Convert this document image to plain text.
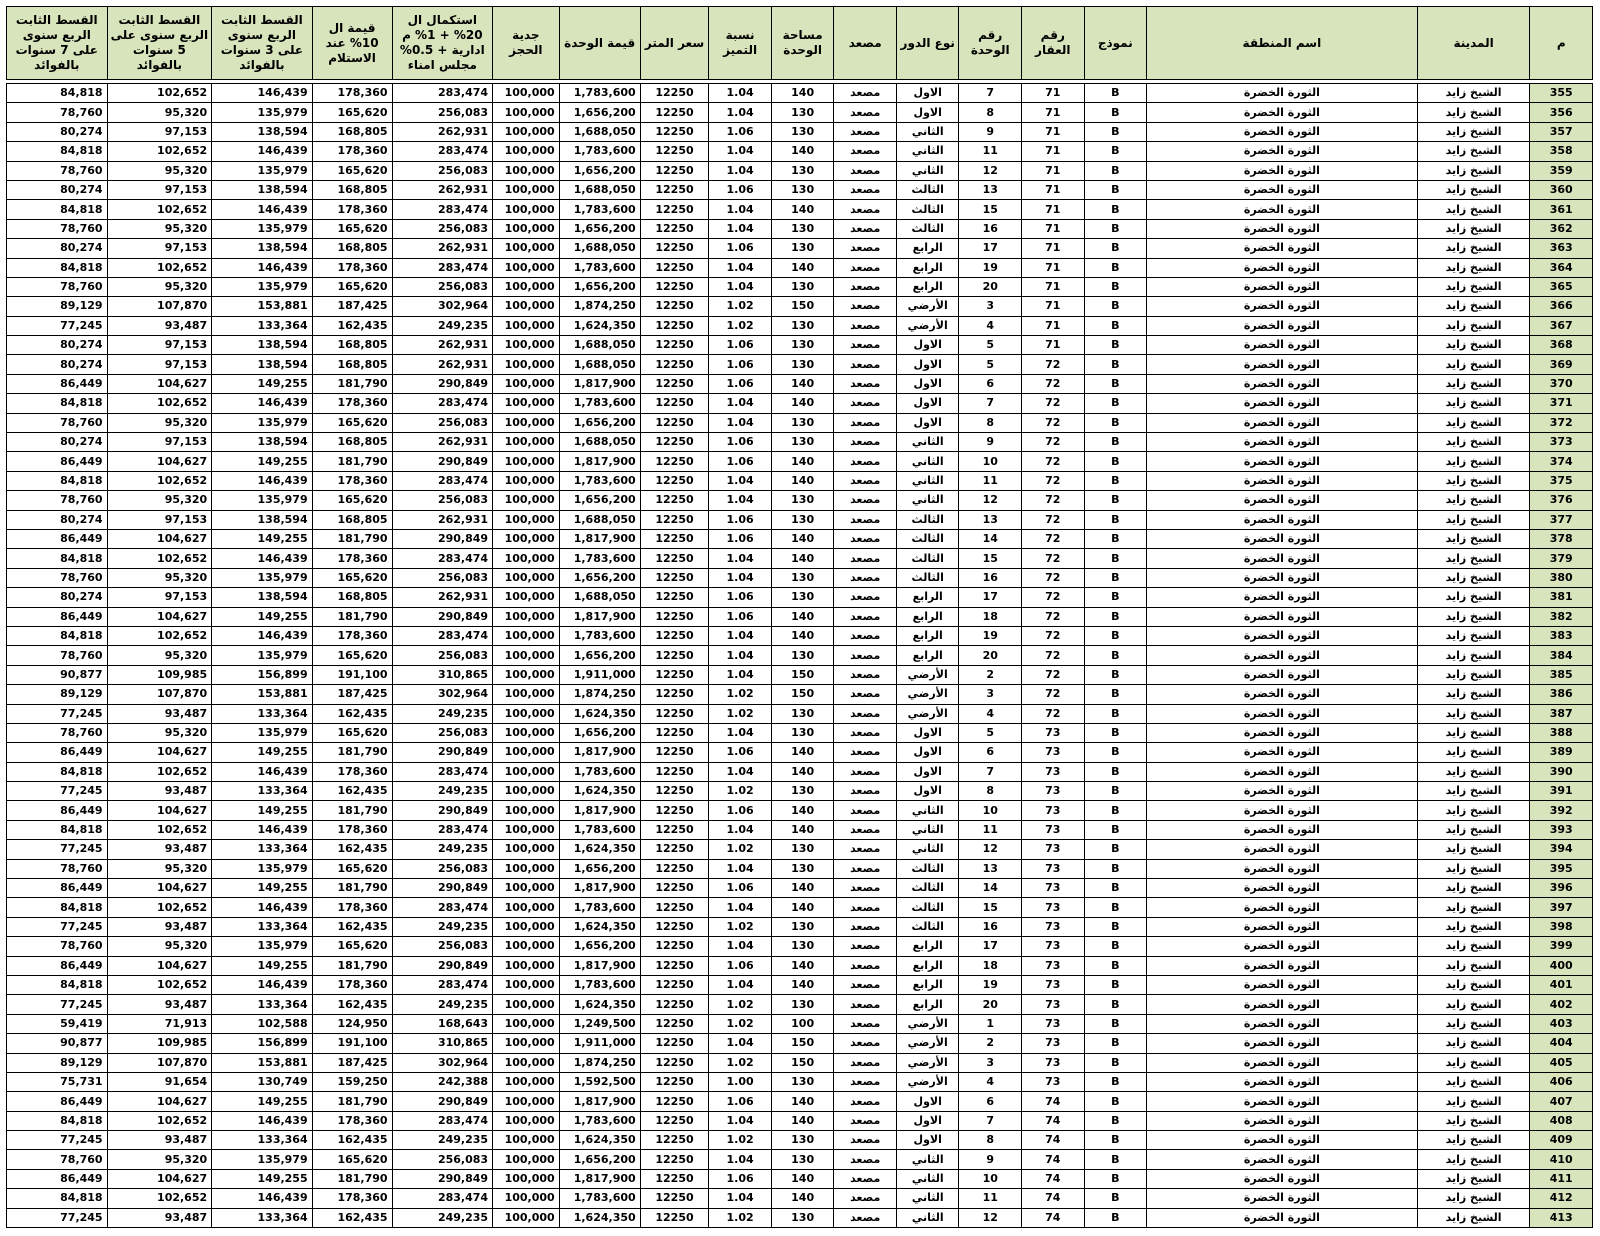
م	المدينة	اسم المنطقة	نموذج	رقم العقار	رقم الوحدة	نوع الدور	مصعد	مساحة الوحدة	نسبة التميز	سعر المتر	قيمة الوحدة	جدية الحجز	استكمال ال 20% + 1% م ادارية + 0.5% مجلس امناء	قيمة ال 10% عند الاستلام	القسط الثابت الربع سنوى على 3 سنوات بالفوائد	القسط الثابت الربع سنوى على 5 سنوات بالفوائد	القسط الثابت الربع سنوى على 7 سنوات بالفوائد

355	الشيخ زايد	الثورة الخضرة	B	71	7	الاول	مصعد	140	1.04	12250	1,783,600	100,000	283,474	178,360	146,439	102,652	84,818
356	الشيخ زايد	الثورة الخضرة	B	71	8	الاول	مصعد	130	1.04	12250	1,656,200	100,000	256,083	165,620	135,979	95,320	78,760
357	الشيخ زايد	الثورة الخضرة	B	71	9	الثاني	مصعد	130	1.06	12250	1,688,050	100,000	262,931	168,805	138,594	97,153	80,274
358	الشيخ زايد	الثورة الخضرة	B	71	11	الثاني	مصعد	140	1.04	12250	1,783,600	100,000	283,474	178,360	146,439	102,652	84,818
359	الشيخ زايد	الثورة الخضرة	B	71	12	الثاني	مصعد	130	1.04	12250	1,656,200	100,000	256,083	165,620	135,979	95,320	78,760
360	الشيخ زايد	الثورة الخضرة	B	71	13	الثالث	مصعد	130	1.06	12250	1,688,050	100,000	262,931	168,805	138,594	97,153	80,274
361	الشيخ زايد	الثورة الخضرة	B	71	15	الثالث	مصعد	140	1.04	12250	1,783,600	100,000	283,474	178,360	146,439	102,652	84,818
362	الشيخ زايد	الثورة الخضرة	B	71	16	الثالث	مصعد	130	1.04	12250	1,656,200	100,000	256,083	165,620	135,979	95,320	78,760
363	الشيخ زايد	الثورة الخضرة	B	71	17	الرابع	مصعد	130	1.06	12250	1,688,050	100,000	262,931	168,805	138,594	97,153	80,274
364	الشيخ زايد	الثورة الخضرة	B	71	19	الرابع	مصعد	140	1.04	12250	1,783,600	100,000	283,474	178,360	146,439	102,652	84,818
365	الشيخ زايد	الثورة الخضرة	B	71	20	الرابع	مصعد	130	1.04	12250	1,656,200	100,000	256,083	165,620	135,979	95,320	78,760
366	الشيخ زايد	الثورة الخضرة	B	71	3	الأرضي	مصعد	150	1.02	12250	1,874,250	100,000	302,964	187,425	153,881	107,870	89,129
367	الشيخ زايد	الثورة الخضرة	B	71	4	الأرضي	مصعد	130	1.02	12250	1,624,350	100,000	249,235	162,435	133,364	93,487	77,245
368	الشيخ زايد	الثورة الخضرة	B	71	5	الاول	مصعد	130	1.06	12250	1,688,050	100,000	262,931	168,805	138,594	97,153	80,274
369	الشيخ زايد	الثورة الخضرة	B	72	5	الاول	مصعد	130	1.06	12250	1,688,050	100,000	262,931	168,805	138,594	97,153	80,274
370	الشيخ زايد	الثورة الخضرة	B	72	6	الاول	مصعد	140	1.06	12250	1,817,900	100,000	290,849	181,790	149,255	104,627	86,449
371	الشيخ زايد	الثورة الخضرة	B	72	7	الاول	مصعد	140	1.04	12250	1,783,600	100,000	283,474	178,360	146,439	102,652	84,818
372	الشيخ زايد	الثورة الخضرة	B	72	8	الاول	مصعد	130	1.04	12250	1,656,200	100,000	256,083	165,620	135,979	95,320	78,760
373	الشيخ زايد	الثورة الخضرة	B	72	9	الثاني	مصعد	130	1.06	12250	1,688,050	100,000	262,931	168,805	138,594	97,153	80,274
374	الشيخ زايد	الثورة الخضرة	B	72	10	الثاني	مصعد	140	1.06	12250	1,817,900	100,000	290,849	181,790	149,255	104,627	86,449
375	الشيخ زايد	الثورة الخضرة	B	72	11	الثاني	مصعد	140	1.04	12250	1,783,600	100,000	283,474	178,360	146,439	102,652	84,818
376	الشيخ زايد	الثورة الخضرة	B	72	12	الثاني	مصعد	130	1.04	12250	1,656,200	100,000	256,083	165,620	135,979	95,320	78,760
377	الشيخ زايد	الثورة الخضرة	B	72	13	الثالث	مصعد	130	1.06	12250	1,688,050	100,000	262,931	168,805	138,594	97,153	80,274
378	الشيخ زايد	الثورة الخضرة	B	72	14	الثالث	مصعد	140	1.06	12250	1,817,900	100,000	290,849	181,790	149,255	104,627	86,449
379	الشيخ زايد	الثورة الخضرة	B	72	15	الثالث	مصعد	140	1.04	12250	1,783,600	100,000	283,474	178,360	146,439	102,652	84,818
380	الشيخ زايد	الثورة الخضرة	B	72	16	الثالث	مصعد	130	1.04	12250	1,656,200	100,000	256,083	165,620	135,979	95,320	78,760
381	الشيخ زايد	الثورة الخضرة	B	72	17	الرابع	مصعد	130	1.06	12250	1,688,050	100,000	262,931	168,805	138,594	97,153	80,274
382	الشيخ زايد	الثورة الخضرة	B	72	18	الرابع	مصعد	140	1.06	12250	1,817,900	100,000	290,849	181,790	149,255	104,627	86,449
383	الشيخ زايد	الثورة الخضرة	B	72	19	الرابع	مصعد	140	1.04	12250	1,783,600	100,000	283,474	178,360	146,439	102,652	84,818
384	الشيخ زايد	الثورة الخضرة	B	72	20	الرابع	مصعد	130	1.04	12250	1,656,200	100,000	256,083	165,620	135,979	95,320	78,760
385	الشيخ زايد	الثورة الخضرة	B	72	2	الأرضي	مصعد	150	1.04	12250	1,911,000	100,000	310,865	191,100	156,899	109,985	90,877
386	الشيخ زايد	الثورة الخضرة	B	72	3	الأرضي	مصعد	150	1.02	12250	1,874,250	100,000	302,964	187,425	153,881	107,870	89,129
387	الشيخ زايد	الثورة الخضرة	B	72	4	الأرضي	مصعد	130	1.02	12250	1,624,350	100,000	249,235	162,435	133,364	93,487	77,245
388	الشيخ زايد	الثورة الخضرة	B	73	5	الاول	مصعد	130	1.04	12250	1,656,200	100,000	256,083	165,620	135,979	95,320	78,760
389	الشيخ زايد	الثورة الخضرة	B	73	6	الاول	مصعد	140	1.06	12250	1,817,900	100,000	290,849	181,790	149,255	104,627	86,449
390	الشيخ زايد	الثورة الخضرة	B	73	7	الاول	مصعد	140	1.04	12250	1,783,600	100,000	283,474	178,360	146,439	102,652	84,818
391	الشيخ زايد	الثورة الخضرة	B	73	8	الاول	مصعد	130	1.02	12250	1,624,350	100,000	249,235	162,435	133,364	93,487	77,245
392	الشيخ زايد	الثورة الخضرة	B	73	10	الثاني	مصعد	140	1.06	12250	1,817,900	100,000	290,849	181,790	149,255	104,627	86,449
393	الشيخ زايد	الثورة الخضرة	B	73	11	الثاني	مصعد	140	1.04	12250	1,783,600	100,000	283,474	178,360	146,439	102,652	84,818
394	الشيخ زايد	الثورة الخضرة	B	73	12	الثاني	مصعد	130	1.02	12250	1,624,350	100,000	249,235	162,435	133,364	93,487	77,245
395	الشيخ زايد	الثورة الخضرة	B	73	13	الثالث	مصعد	130	1.04	12250	1,656,200	100,000	256,083	165,620	135,979	95,320	78,760
396	الشيخ زايد	الثورة الخضرة	B	73	14	الثالث	مصعد	140	1.06	12250	1,817,900	100,000	290,849	181,790	149,255	104,627	86,449
397	الشيخ زايد	الثورة الخضرة	B	73	15	الثالث	مصعد	140	1.04	12250	1,783,600	100,000	283,474	178,360	146,439	102,652	84,818
398	الشيخ زايد	الثورة الخضرة	B	73	16	الثالث	مصعد	130	1.02	12250	1,624,350	100,000	249,235	162,435	133,364	93,487	77,245
399	الشيخ زايد	الثورة الخضرة	B	73	17	الرابع	مصعد	130	1.04	12250	1,656,200	100,000	256,083	165,620	135,979	95,320	78,760
400	الشيخ زايد	الثورة الخضرة	B	73	18	الرابع	مصعد	140	1.06	12250	1,817,900	100,000	290,849	181,790	149,255	104,627	86,449
401	الشيخ زايد	الثورة الخضرة	B	73	19	الرابع	مصعد	140	1.04	12250	1,783,600	100,000	283,474	178,360	146,439	102,652	84,818
402	الشيخ زايد	الثورة الخضرة	B	73	20	الرابع	مصعد	130	1.02	12250	1,624,350	100,000	249,235	162,435	133,364	93,487	77,245
403	الشيخ زايد	الثورة الخضرة	B	73	1	الأرضي	مصعد	100	1.02	12250	1,249,500	100,000	168,643	124,950	102,588	71,913	59,419
404	الشيخ زايد	الثورة الخضرة	B	73	2	الأرضي	مصعد	150	1.04	12250	1,911,000	100,000	310,865	191,100	156,899	109,985	90,877
405	الشيخ زايد	الثورة الخضرة	B	73	3	الأرضي	مصعد	150	1.02	12250	1,874,250	100,000	302,964	187,425	153,881	107,870	89,129
406	الشيخ زايد	الثورة الخضرة	B	73	4	الأرضي	مصعد	130	1.00	12250	1,592,500	100,000	242,388	159,250	130,749	91,654	75,731
407	الشيخ زايد	الثورة الخضرة	B	74	6	الاول	مصعد	140	1.06	12250	1,817,900	100,000	290,849	181,790	149,255	104,627	86,449
408	الشيخ زايد	الثورة الخضرة	B	74	7	الاول	مصعد	140	1.04	12250	1,783,600	100,000	283,474	178,360	146,439	102,652	84,818
409	الشيخ زايد	الثورة الخضرة	B	74	8	الاول	مصعد	130	1.02	12250	1,624,350	100,000	249,235	162,435	133,364	93,487	77,245
410	الشيخ زايد	الثورة الخضرة	B	74	9	الثاني	مصعد	130	1.04	12250	1,656,200	100,000	256,083	165,620	135,979	95,320	78,760
411	الشيخ زايد	الثورة الخضرة	B	74	10	الثاني	مصعد	140	1.06	12250	1,817,900	100,000	290,849	181,790	149,255	104,627	86,449
412	الشيخ زايد	الثورة الخضرة	B	74	11	الثاني	مصعد	140	1.04	12250	1,783,600	100,000	283,474	178,360	146,439	102,652	84,818
413	الشيخ زايد	الثورة الخضرة	B	74	12	الثاني	مصعد	130	1.02	12250	1,624,350	100,000	249,235	162,435	133,364	93,487	77,245
